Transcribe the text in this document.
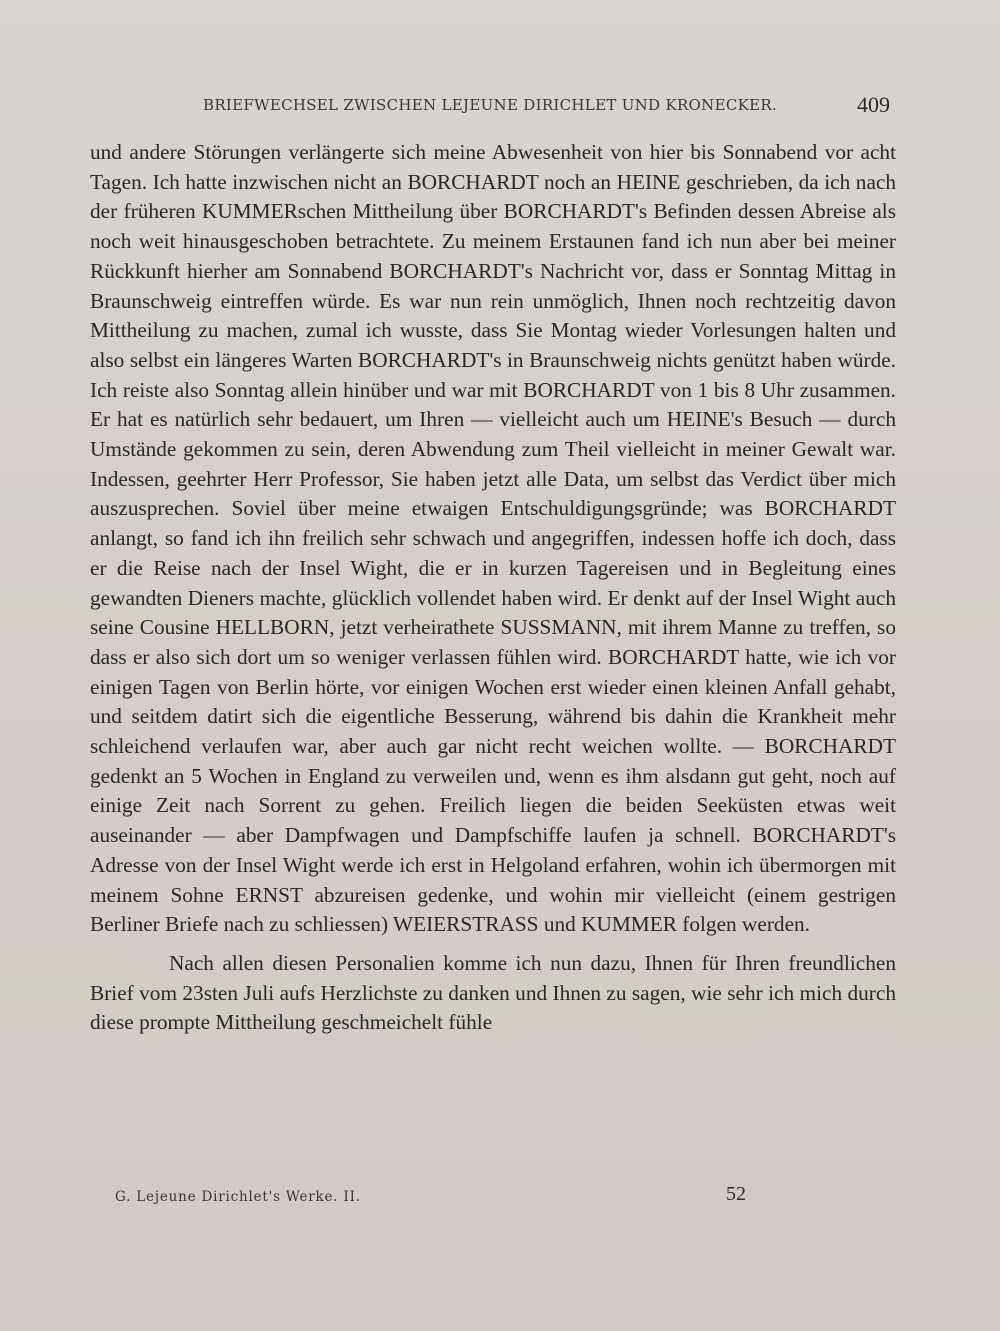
BRIEFWECHSEL ZWISCHEN LEJEUNE DIRICHLET UND KRONECKER.	409

und andere Störungen verlängerte sich meine Abwesenheit von hier bis Sonnabend vor acht Tagen. Ich hatte inzwischen nicht an BORCHARDT noch an HEINE geschrieben, da ich nach der früheren KUMMERschen Mittheilung über BORCHARDT's Befinden dessen Abreise als noch weit hinausgeschoben betrachtete. Zu meinem Erstaunen fand ich nun aber bei meiner Rückkunft hierher am Sonnabend BORCHARDT's Nachricht vor, dass er Sonntag Mittag in Braunschweig eintreffen würde. Es war nun rein unmöglich, Ihnen noch rechtzeitig davon Mittheilung zu machen, zumal ich wusste, dass Sie Montag wieder Vorlesungen halten und also selbst ein längeres Warten BORCHARDT's in Braunschweig nichts genützt haben würde. Ich reiste also Sonntag allein hinüber und war mit BORCHARDT von 1 bis 8 Uhr zusammen. Er hat es natürlich sehr bedauert, um Ihren — vielleicht auch um HEINE's Besuch — durch Umstände gekommen zu sein, deren Abwendung zum Theil vielleicht in meiner Gewalt war. Indessen, geehrter Herr Professor, Sie haben jetzt alle Data, um selbst das Verdict über mich auszusprechen. Soviel über meine etwaigen Entschuldigungsgründe; was BORCHARDT anlangt, so fand ich ihn freilich sehr schwach und angegriffen, indessen hoffe ich doch, dass er die Reise nach der Insel Wight, die er in kurzen Tagereisen und in Begleitung eines gewandten Dieners machte, glücklich vollendet haben wird. Er denkt auf der Insel Wight auch seine Cousine HELLBORN, jetzt verheirathete SUSSMANN, mit ihrem Manne zu treffen, so dass er also sich dort um so weniger verlassen fühlen wird. BORCHARDT hatte, wie ich vor einigen Tagen von Berlin hörte, vor einigen Wochen erst wieder einen kleinen Anfall gehabt, und seitdem datirt sich die eigentliche Besserung, während bis dahin die Krankheit mehr schleichend verlaufen war, aber auch gar nicht recht weichen wollte. — BORCHARDT gedenkt an 5 Wochen in England zu verweilen und, wenn es ihm alsdann gut geht, noch auf einige Zeit nach Sorrent zu gehen. Freilich liegen die beiden Seeküsten etwas weit auseinander — aber Dampfwagen und Dampfschiffe laufen ja schnell. BORCHARDT's Adresse von der Insel Wight werde ich erst in Helgoland erfahren, wohin ich übermorgen mit meinem Sohne ERNST abzureisen gedenke, und wohin mir vielleicht (einem gestrigen Berliner Briefe nach zu schliessen) WEIERSTRASS und KUMMER folgen werden.

Nach allen diesen Personalien komme ich nun dazu, Ihnen für Ihren freundlichen Brief vom 23sten Juli aufs Herzlichste zu danken und Ihnen zu sagen, wie sehr ich mich durch diese prompte Mittheilung geschmeichelt fühle

G. Lejeune Dirichlet's Werke. II.	52
